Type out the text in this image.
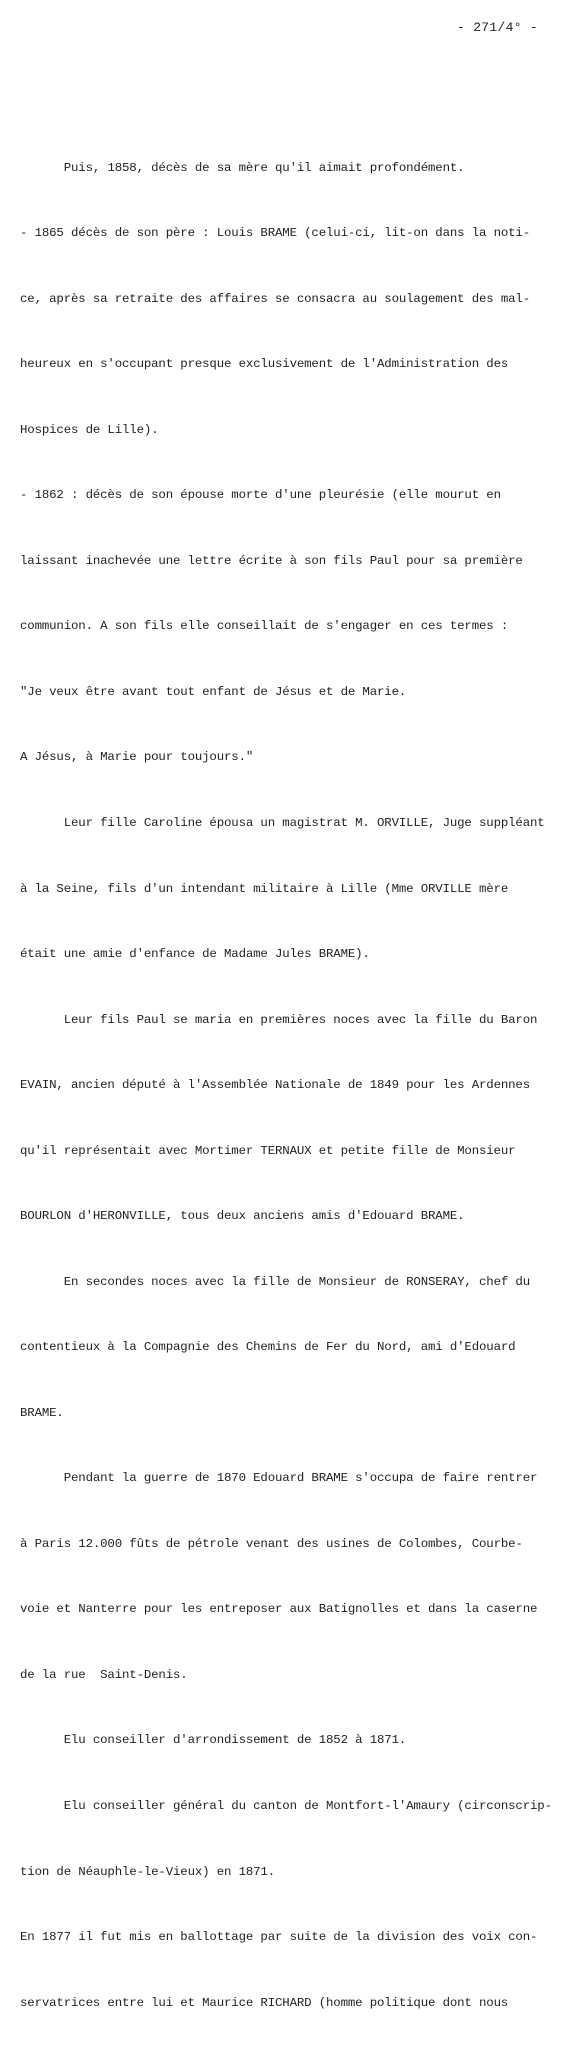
- 271/4° -

Puis, 1858, décès de sa mère qu'il aimait profondément.

- 1865 décès de son père : Louis BRAME (celui-ci, lit-on dans la noti-

ce, après sa retraite des affaires se consacra au soulagement des mal-

heureux en s'occupant presque exclusivement de l'Administration des

Hospices de Lille).

- 1862 : décès de son épouse morte d'une pleurésie (elle mourut en

laissant inachevée une lettre écrite à son fils Paul pour sa première

communion. A son fils elle conseillait de s'engager en ces termes :

"Je veux être avant tout enfant de Jésus et de Marie.

A Jésus, à Marie pour toujours."

Leur fille Caroline épousa un magistrat M. ORVILLE, Juge suppléant

à la Seine, fils d'un intendant militaire à Lille (Mme ORVILLE mère

était une amie d'enfance de Madame Jules BRAME).

Leur fils Paul se maria en premières noces avec la fille du Baron

EVAIN, ancien député à l'Assemblée Nationale de 1849 pour les Ardennes

qu'il représentait avec Mortimer TERNAUX et petite fille de Monsieur

BOURLON d'HERONVILLE, tous deux anciens amis d'Edouard BRAME.

En secondes noces avec la fille de Monsieur de RONSERAY, chef du

contentieux à la Compagnie des Chemins de Fer du Nord, ami d'Edouard

BRAME.

Pendant la guerre de 1870 Edouard BRAME s'occupa de faire rentrer

à Paris 12.000 fûts de pétrole venant des usines de Colombes, Courbe-

voie et Nanterre pour les entreposer aux Batignolles et dans la caserne

de la rue  Saint-Denis.

Elu conseiller d'arrondissement de 1852 à 1871.

Elu conseiller général du canton de Montfort-l'Amaury (circonscrip-

tion de Néauphle-le-Vieux) en 1871.

En 1877 il fut mis en ballottage par suite de la division des voix con-

servatrices entre lui et Maurice RICHARD (homme politique dont nous
